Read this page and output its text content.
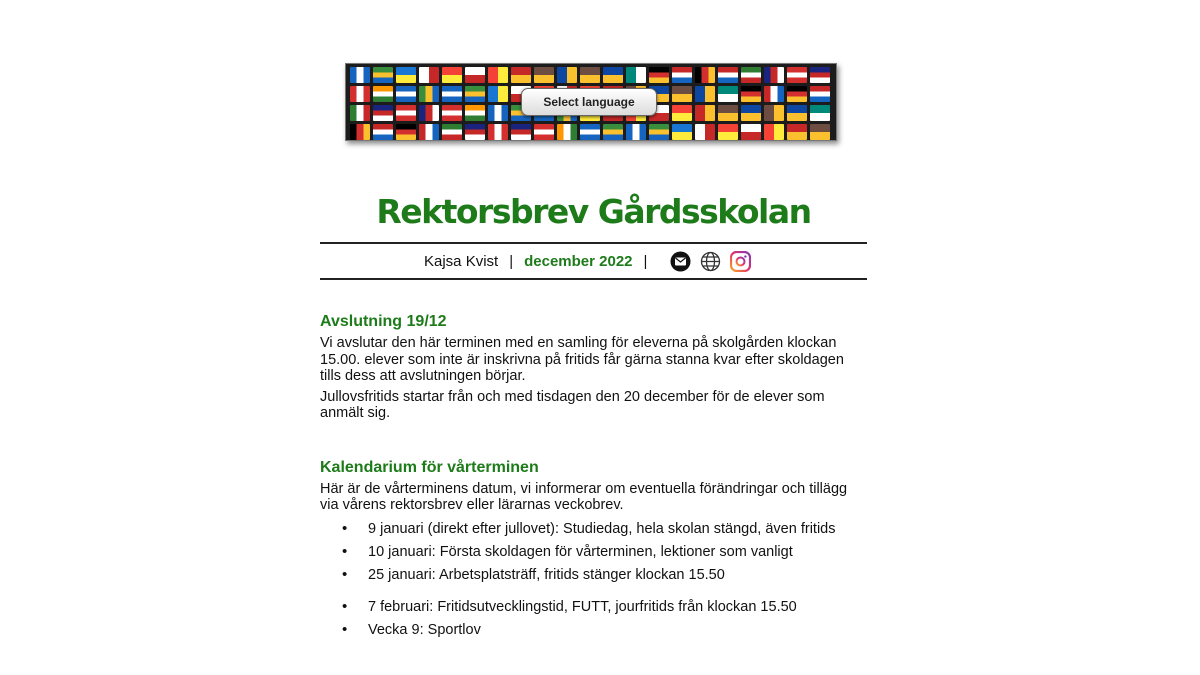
Select language
Rektorsbrev Gårdsskolan
Kajsa Kvist | december 2022 |
Avslutning 19/12

Vi avslutar den här terminen med en samling för eleverna på skolgården klockan 15.00. elever som inte är inskrivna på fritids får gärna stanna kvar efter skoldagen tills dess att avslutningen börjar.

Jullovsfritids startar från och med tisdagen den 20 december för de elever som anmält sig.

Kalendarium för vårterminen

Här är de vårterminens datum, vi informerar om eventuella förändringar och tillägg via vårens rektorsbrev eller lärarnas veckobrev.

• 9 januari (direkt efter jullovet): Studiedag, hela skolan stängd, även fritids
• 10 januari: Första skoldagen för vårterminen, lektioner som vanligt
• 25 januari: Arbetsplatsträff, fritids stänger klockan 15.50
• 7 februari: Fritidsutvecklingstid, FUTT, jourfritids från klockan 15.50
• Vecka 9: Sportlov
